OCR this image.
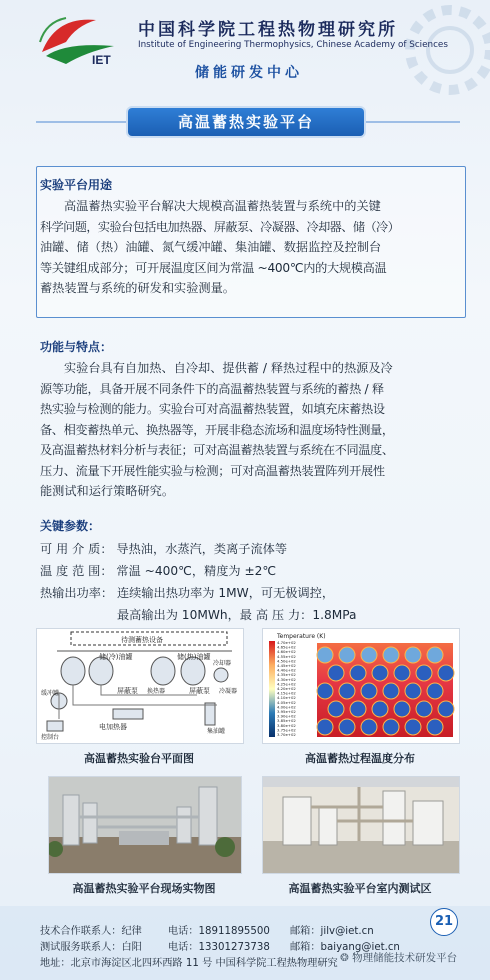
IET
中国科学院工程热物理研究所
Institute of Engineering Thermophysics, Chinese Academy of Sciences
储能研发中心
高温蓄热实验平台
实验平台用途
高温蓄热实验平台解决大规模高温蓄热装置与系统中的关键
科学问题，实验台包括电加热器、屏蔽泵、冷凝器、冷却器、储（冷）
油罐、储（热）油罐、氮气缓冲罐、集油罐、数据监控及控制台
等关键组成部分；可开展温度区间为常温 ~400℃内的大规模高温
蓄热装置与系统的研发和实验测量。
功能与特点：
实验台具有自加热、自冷却、提供蓄 / 释热过程中的热源及冷
源等功能，具备开展不同条件下的高温蓄热装置与系统的蓄热 / 释
热实验与检测的能力。实验台可对高温蓄热装置，如填充床蓄热设
备、相变蓄热单元、换热器等，开展非稳态流场和温度场特性测量，
及高温蓄热材料分析与表征；可对高温蓄热装置与系统在不同温度、
压力、流量下开展性能实验与检测；可对高温蓄热装置阵列开展性
能测试和运行策略研究。
关键参数：
可 用 介 质： 导热油，水蒸汽，类离子流体等
温 度 范 围： 常温 ~400℃，精度为 ±2℃
热输出功率： 连续输出热功率为 1MW，可无极调控，
最高输出为 10MWh，最 高 压 力：1.8MPa
待测蓄热设备
储(冷)油罐	储(热)油罐
冷却器
屏蔽泵 换热器	屏蔽泵 冷凝器
缓冲罐
电加热器
集油罐
控制台
高温蓄热实验台平面图
Temperature (K)
4.70e+02
4.65e+02
4.60e+02
4.55e+02
4.50e+02
4.45e+02
4.40e+02
4.35e+02
4.30e+02
4.25e+02
4.20e+02
4.15e+02
4.10e+02
4.05e+02
4.00e+02
3.95e+02
3.90e+02
3.85e+02
3.80e+02
3.75e+02
3.70e+02
高温蓄热过程温度分布
高温蓄热实验平台现场实物图	高温蓄热实验平台室内测试区
技术合作联系人：纪律	电话：18911895500 邮箱：jilv@iet.cn
测试服务联系人：白阳	电话：13301273738 邮箱：baiyang@iet.cn
地址：北京市海淀区北四环西路 11 号 中国科学院工程热物理研究
21
❂ 物理储能技术研发平台
